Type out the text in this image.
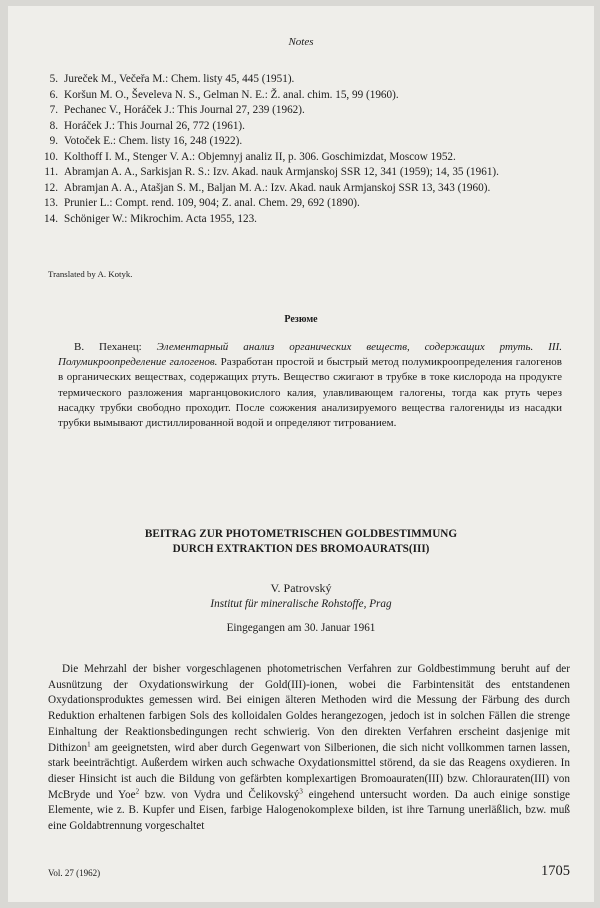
Notes
5. Jureček M., Večeřa M.: Chem. listy 45, 445 (1951).
6. Koršun M. O., Ševeleva N. S., Gelman N. E.: Ž. anal. chim. 15, 99 (1960).
7. Pechanec V., Horáček J.: This Journal 27, 239 (1962).
8. Horáček J.: This Journal 26, 772 (1961).
9. Votoček E.: Chem. listy 16, 248 (1922).
10. Kolthoff I. M., Stenger V. A.: Objemnyj analiz II, p. 306. Goschimizdat, Moscow 1952.
11. Abramjan A. A., Sarkisjan R. S.: Izv. Akad. nauk Armjanskoj SSR 12, 341 (1959); 14, 35 (1961).
12. Abramjan A. A., Atašjan S. M., Baljan M. A.: Izv. Akad. nauk Armjanskoj SSR 13, 343 (1960).
13. Prunier L.: Compt. rend. 109, 904; Z. anal. Chem. 29, 692 (1890).
14. Schöniger W.: Mikrochim. Acta 1955, 123.
Translated by A. Kotyk.
Резюме
В. Пеханец: Элементарный анализ органических веществ, содержащих ртуть. III. Полумикроопределение галогенов. Разработан простой и быстрый метод полумикроопределения галогенов в органических веществах, содержащих ртуть. Вещество сжигают в трубке в токе кислорода на продукте термического разложения марганцовокислого калия, улавливающем галогены, тогда как ртуть через насадку трубки свободно проходит. После сожжения анализируемого вещества галогениды из насадки трубки вымывают дистиллированной водой и определяют титрованием.
BEITRAG ZUR PHOTOMETRISCHEN GOLDBESTIMMUNG
DURCH EXTRAKTION DES BROMOAURATS(III)
V. Patrovský
Institut für mineralische Rohstoffe, Prag
Eingegangen am 30. Januar 1961
Die Mehrzahl der bisher vorgeschlagenen photometrischen Verfahren zur Goldbestimmung beruht auf der Ausnützung der Oxydationswirkung der Gold(III)-ionen, wobei die Farbintensität des entstandenen Oxydationsproduktes gemessen wird. Bei einigen älteren Methoden wird die Messung der Färbung des durch Reduktion erhaltenen farbigen Sols des kolloidalen Goldes herangezogen, jedoch ist in solchen Fällen die strenge Einhaltung der Reaktionsbedingungen recht schwierig. Von den direkten Verfahren erscheint dasjenige mit Dithizon$^1$ am geeignetsten, wird aber durch Gegenwart von Silberionen, die sich nicht vollkommen tarnen lassen, stark beeinträchtigt. Außerdem wirken auch schwache Oxydationsmittel störend, da sie das Reagens oxydieren. In dieser Hinsicht ist auch die Bildung von gefärbten komplexartigen Bromoauraten(III) bzw. Chlorauraten(III) von McBryde und Yoe$^2$ bzw. von Vydra und Čelikovský$^3$ eingehend untersucht worden. Da auch einige sonstige Elemente, wie z. B. Kupfer und Eisen, farbige Halogenokomplexe bilden, ist ihre Tarnung unerläßlich, bzw. muß eine Goldabtrennung vorgeschaltet
Vol. 27 (1962)	1705
